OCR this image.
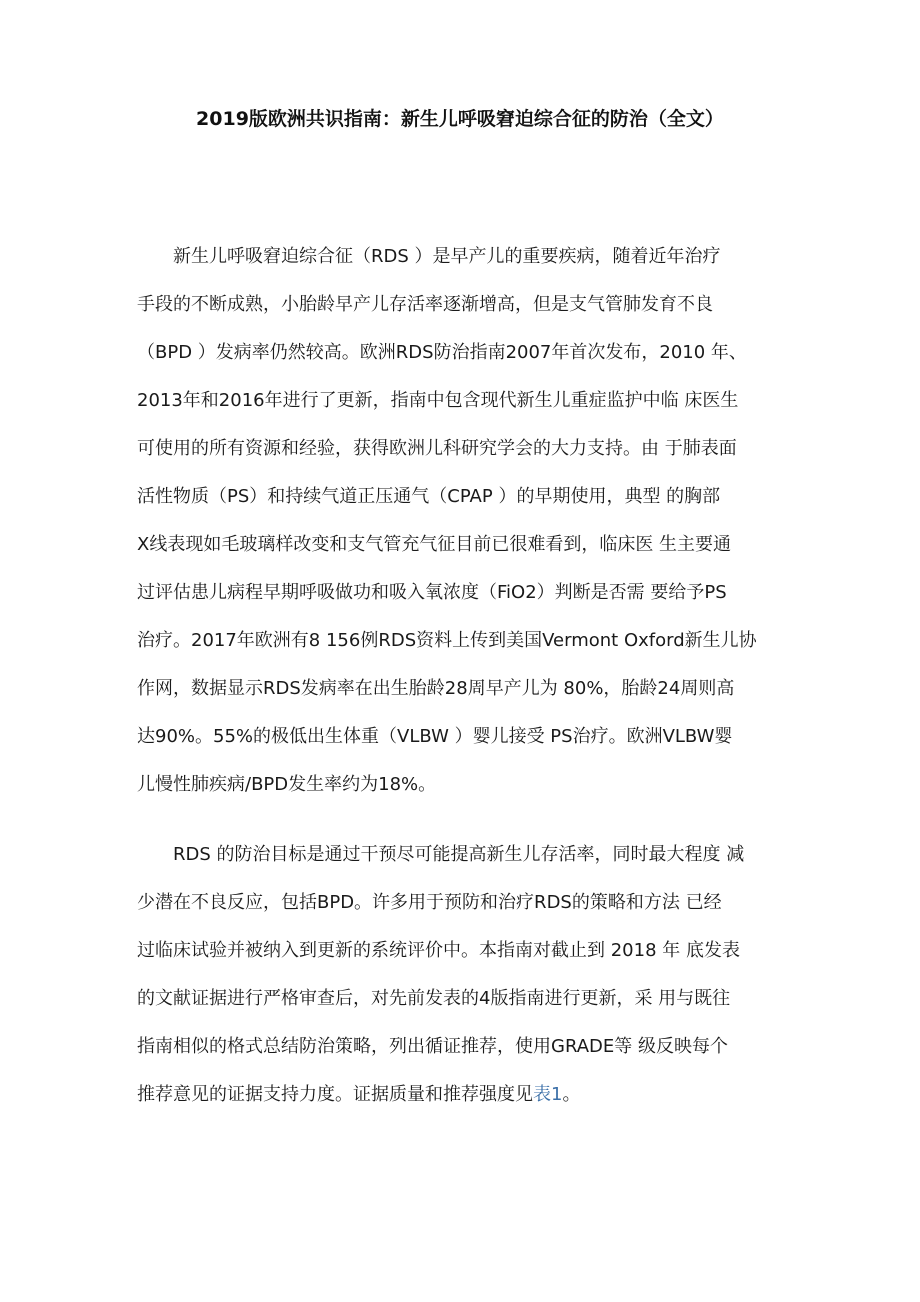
2019版欧洲共识指南：新生儿呼吸窘迫综合征的防治（全文）
新生儿呼吸窘迫综合征（RDS ）是早产儿的重要疾病，随着近年治疗
手段的不断成熟，小胎龄早产儿存活率逐渐增高，但是支气管肺发育不良
（BPD ）发病率仍然较高。欧洲RDS防治指南2007年首次发布，2010 年、
2013年和2016年进行了更新，指南中包含现代新生儿重症监护中临 床医生
可使用的所有资源和经验，获得欧洲儿科研究学会的大力支持。由 于肺表面
活性物质（PS）和持续气道正压通气（CPAP ）的早期使用，典型 的胸部
X线表现如毛玻璃样改变和支气管充气征目前已很难看到，临床医 生主要通
过评估患儿病程早期呼吸做功和吸入氧浓度（FiO2）判断是否需 要给予PS
治疗。2017年欧洲有8 156例RDS资料上传到美国Vermont Oxford新生儿协
作网，数据显示RDS发病率在出生胎龄28周早产儿为 80%，胎龄24周则高
达90%。55%的极低出生体重（VLBW ）婴儿接受 PS治疗。欧洲VLBW婴
儿慢性肺疾病/BPD发生率约为18%。
RDS 的防治目标是通过干预尽可能提高新生儿存活率，同时最大程度 减
少潜在不良反应，包括BPD。许多用于预防和治疗RDS的策略和方法 已经
过临床试验并被纳入到更新的系统评价中。本指南对截止到 2018 年 底发表
的文献证据进行严格审查后，对先前发表的4版指南进行更新，采 用与既往
指南相似的格式总结防治策略，列出循证推荐，使用GRADE等 级反映每个
推荐意见的证据支持力度。证据质量和推荐强度见表1。
